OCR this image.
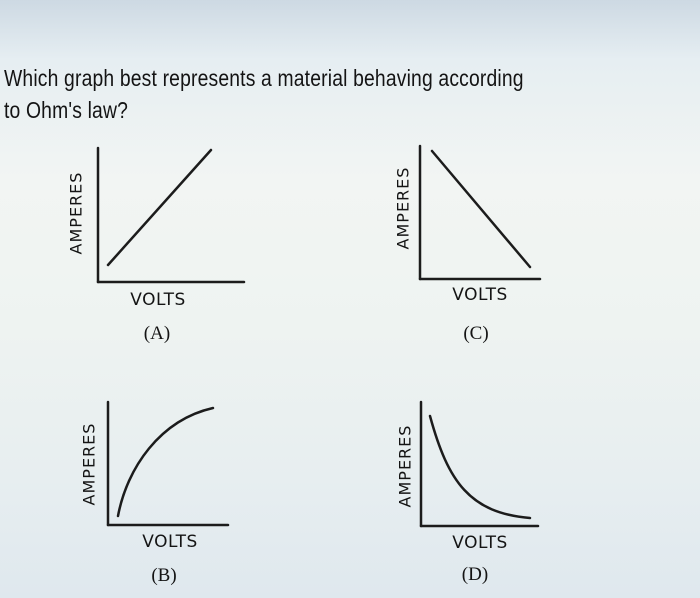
Which graph best represents a material behaving according
to Ohm's law?
AMPERES
VOLTS
(A)
AMPERES
VOLTS
(C)
AMPERES
VOLTS
(B)
AMPERES
VOLTS
(D)
